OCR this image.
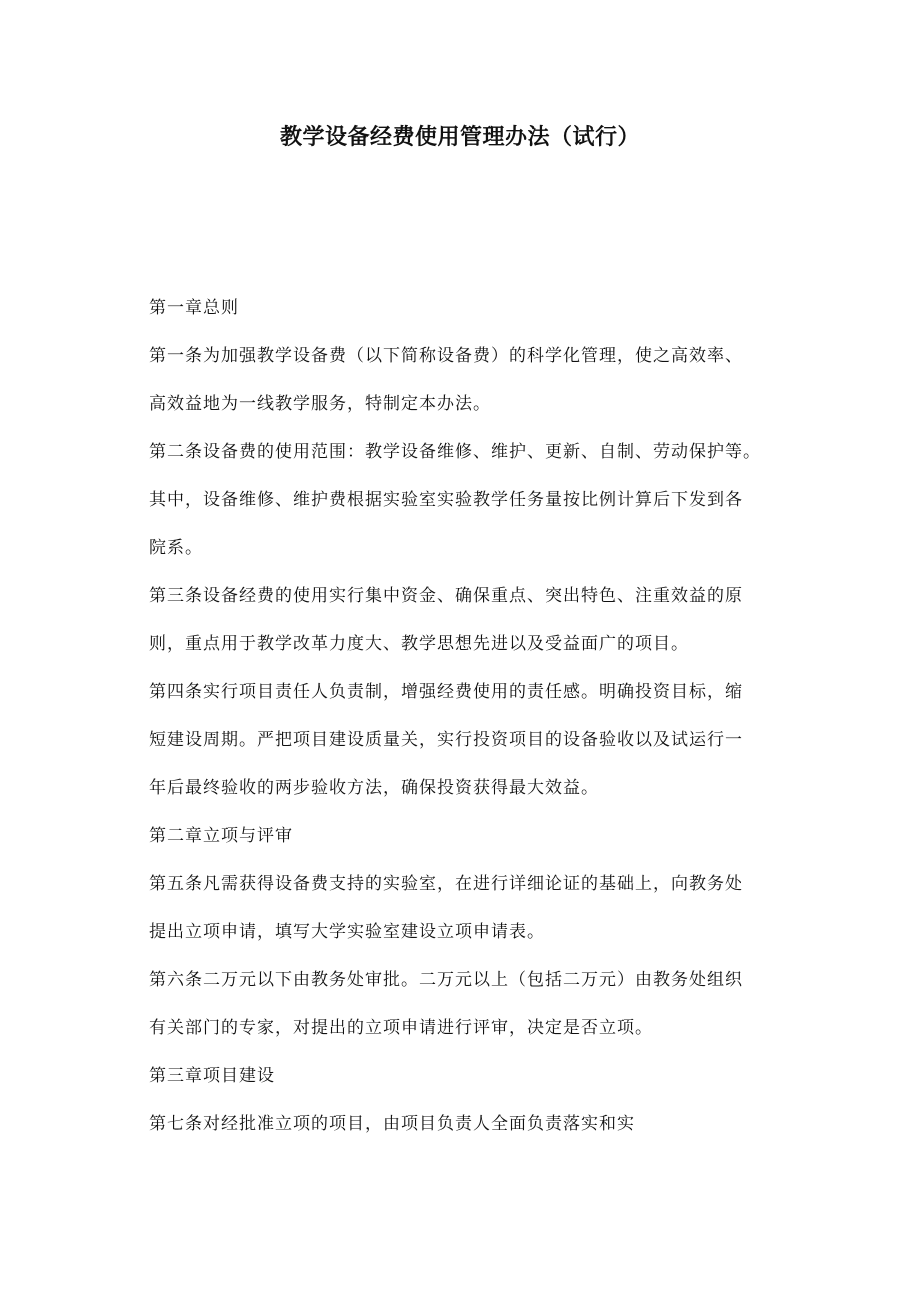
教学设备经费使用管理办法（试行）
第一章总则
第一条为加强教学设备费（以下简称设备费）的科学化管理，使之高效率、
高效益地为一线教学服务，特制定本办法。
第二条设备费的使用范围：教学设备维修、维护、更新、自制、劳动保护等。
其中，设备维修、维护费根据实验室实验教学任务量按比例计算后下发到各
院系。
第三条设备经费的使用实行集中资金、确保重点、突出特色、注重效益的原
则，重点用于教学改革力度大、教学思想先进以及受益面广的项目。
第四条实行项目责任人负责制，增强经费使用的责任感。明确投资目标，缩
短建设周期。严把项目建设质量关，实行投资项目的设备验收以及试运行一
年后最终验收的两步验收方法，确保投资获得最大效益。
第二章立项与评审
第五条凡需获得设备费支持的实验室，在进行详细论证的基础上，向教务处
提出立项申请，填写大学实验室建设立项申请表。
第六条二万元以下由教务处审批。二万元以上（包括二万元）由教务处组织
有关部门的专家，对提出的立项申请进行评审，决定是否立项。
第三章项目建设
第七条对经批准立项的项目，由项目负责人全面负责落实和实
